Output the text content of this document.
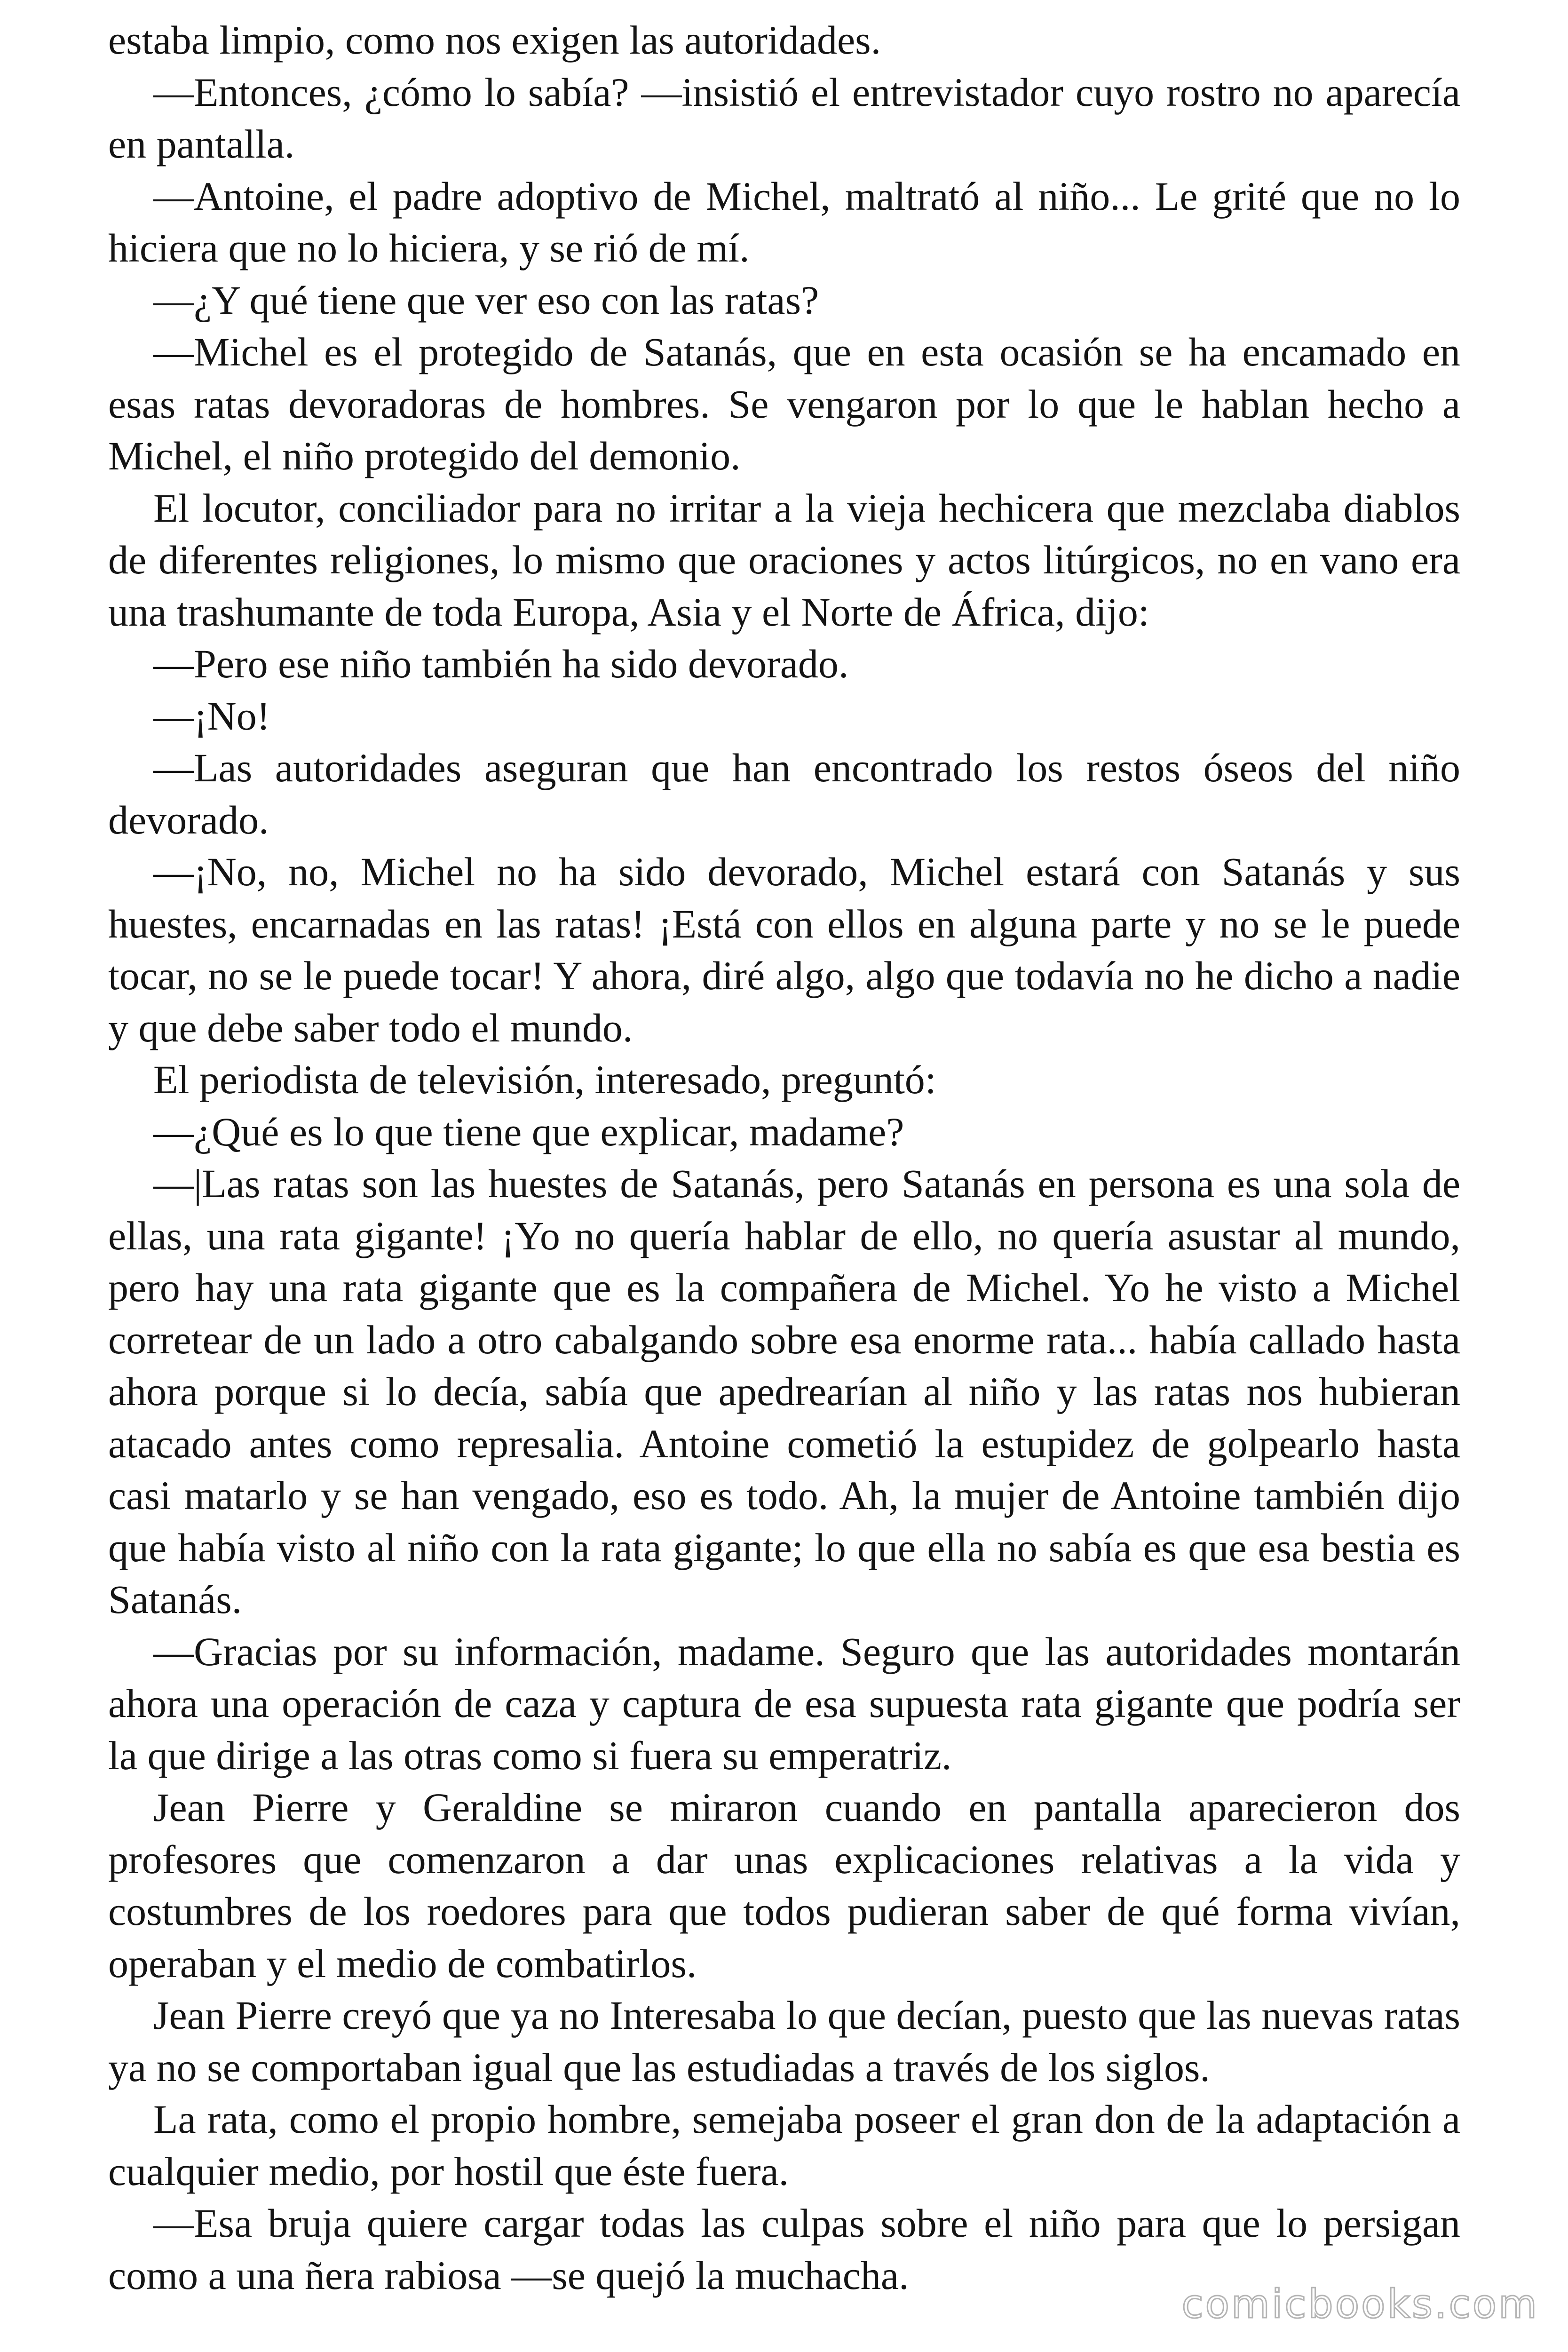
estaba limpio, como nos exigen las autoridades.

—Entonces, ¿cómo lo sabía? —insistió el entrevistador cuyo rostro no aparecía en pantalla.

—Antoine, el padre adoptivo de Michel, maltrató al niño... Le grité que no lo hiciera que no lo hiciera, y se rió de mí.

—¿Y qué tiene que ver eso con las ratas?

—Michel es el protegido de Satanás, que en esta ocasión se ha encamado en esas ratas devoradoras de hombres. Se vengaron por lo que le hablan hecho a Michel, el niño protegido del demonio.

El locutor, conciliador para no irritar a la vieja hechicera que mezclaba diablos de diferentes religiones, lo mismo que oraciones y actos litúrgicos, no en vano era una trashumante de toda Europa, Asia y el Norte de África, dijo:

—Pero ese niño también ha sido devorado.

—¡No!

—Las autoridades aseguran que han encontrado los restos óseos del niño devorado.

—¡No, no, Michel no ha sido devorado, Michel estará con Satanás y sus huestes, encarnadas en las ratas! ¡Está con ellos en alguna parte y no se le puede tocar, no se le puede tocar! Y ahora, diré algo, algo que todavía no he dicho a nadie y que debe saber todo el mundo.

El periodista de televisión, interesado, preguntó:

—¿Qué es lo que tiene que explicar, madame?

—|Las ratas son las huestes de Satanás, pero Satanás en persona es una sola de ellas, una rata gigante! ¡Yo no quería hablar de ello, no quería asustar al mundo, pero hay una rata gigante que es la compañera de Michel. Yo he visto a Michel corretear de un lado a otro cabalgando sobre esa enorme rata... había callado hasta ahora porque si lo decía, sabía que apedrearían al niño y las ratas nos hubieran atacado antes como represalia. Antoine cometió la estupidez de golpearlo hasta casi matarlo y se han vengado, eso es todo. Ah, la mujer de Antoine también dijo que había visto al niño con la rata gigante; lo que ella no sabía es que esa bestia es Satanás.

—Gracias por su información, madame. Seguro que las autoridades montarán ahora una operación de caza y captura de esa supuesta rata gigante que podría ser la que dirige a las otras como si fuera su emperatriz.

Jean Pierre y Geraldine se miraron cuando en pantalla aparecieron dos profesores que comenzaron a dar unas explicaciones relativas a la vida y costumbres de los roedores para que todos pudieran saber de qué forma vivían, operaban y el medio de combatirlos.

Jean Pierre creyó que ya no Interesaba lo que decían, puesto que las nuevas ratas ya no se comportaban igual que las estudiadas a través de los siglos.

La rata, como el propio hombre, semejaba poseer el gran don de la adaptación a cualquier medio, por hostil que éste fuera.

—Esa bruja quiere cargar todas las culpas sobre el niño para que lo persigan como a una ñera rabiosa —se quejó la muchacha.

comicbooks.com
